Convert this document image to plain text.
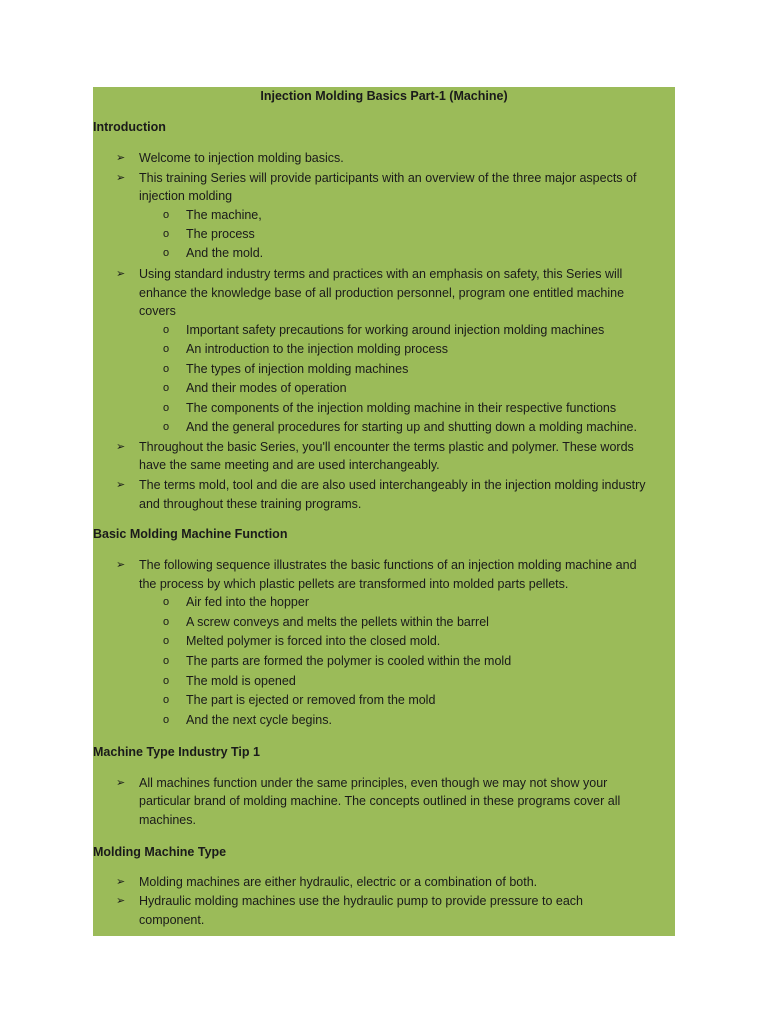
Injection Molding Basics Part-1 (Machine)
Introduction
➢ Welcome to injection molding basics.
➢ This training Series will provide participants with an overview of the three major aspects of
injection molding
o The machine,
o The process
o And the mold.
➢ Using standard industry terms and practices with an emphasis on safety, this Series will
enhance the knowledge base of all production personnel, program one entitled machine
covers
o Important safety precautions for working around injection molding machines
o An introduction to the injection molding process
o The types of injection molding machines
o And their modes of operation
o The components of the injection molding machine in their respective functions
o And the general procedures for starting up and shutting down a molding machine.
➢ Throughout the basic Series, you'll encounter the terms plastic and polymer. These words
have the same meeting and are used interchangeably.
➢ The terms mold, tool and die are also used interchangeably in the injection molding industry
and throughout these training programs.
Basic Molding Machine Function
➢ The following sequence illustrates the basic functions of an injection molding machine and
the process by which plastic pellets are transformed into molded parts pellets.
o Air fed into the hopper
o A screw conveys and melts the pellets within the barrel
o Melted polymer is forced into the closed mold.
o The parts are formed the polymer is cooled within the mold
o The mold is opened
o The part is ejected or removed from the mold
o And the next cycle begins.
Machine Type Industry Tip 1
➢ All machines function under the same principles, even though we may not show your
particular brand of molding machine. The concepts outlined in these programs cover all
machines.
Molding Machine Type
➢ Molding machines are either hydraulic, electric or a combination of both.
➢ Hydraulic molding machines use the hydraulic pump to provide pressure to each
component.
